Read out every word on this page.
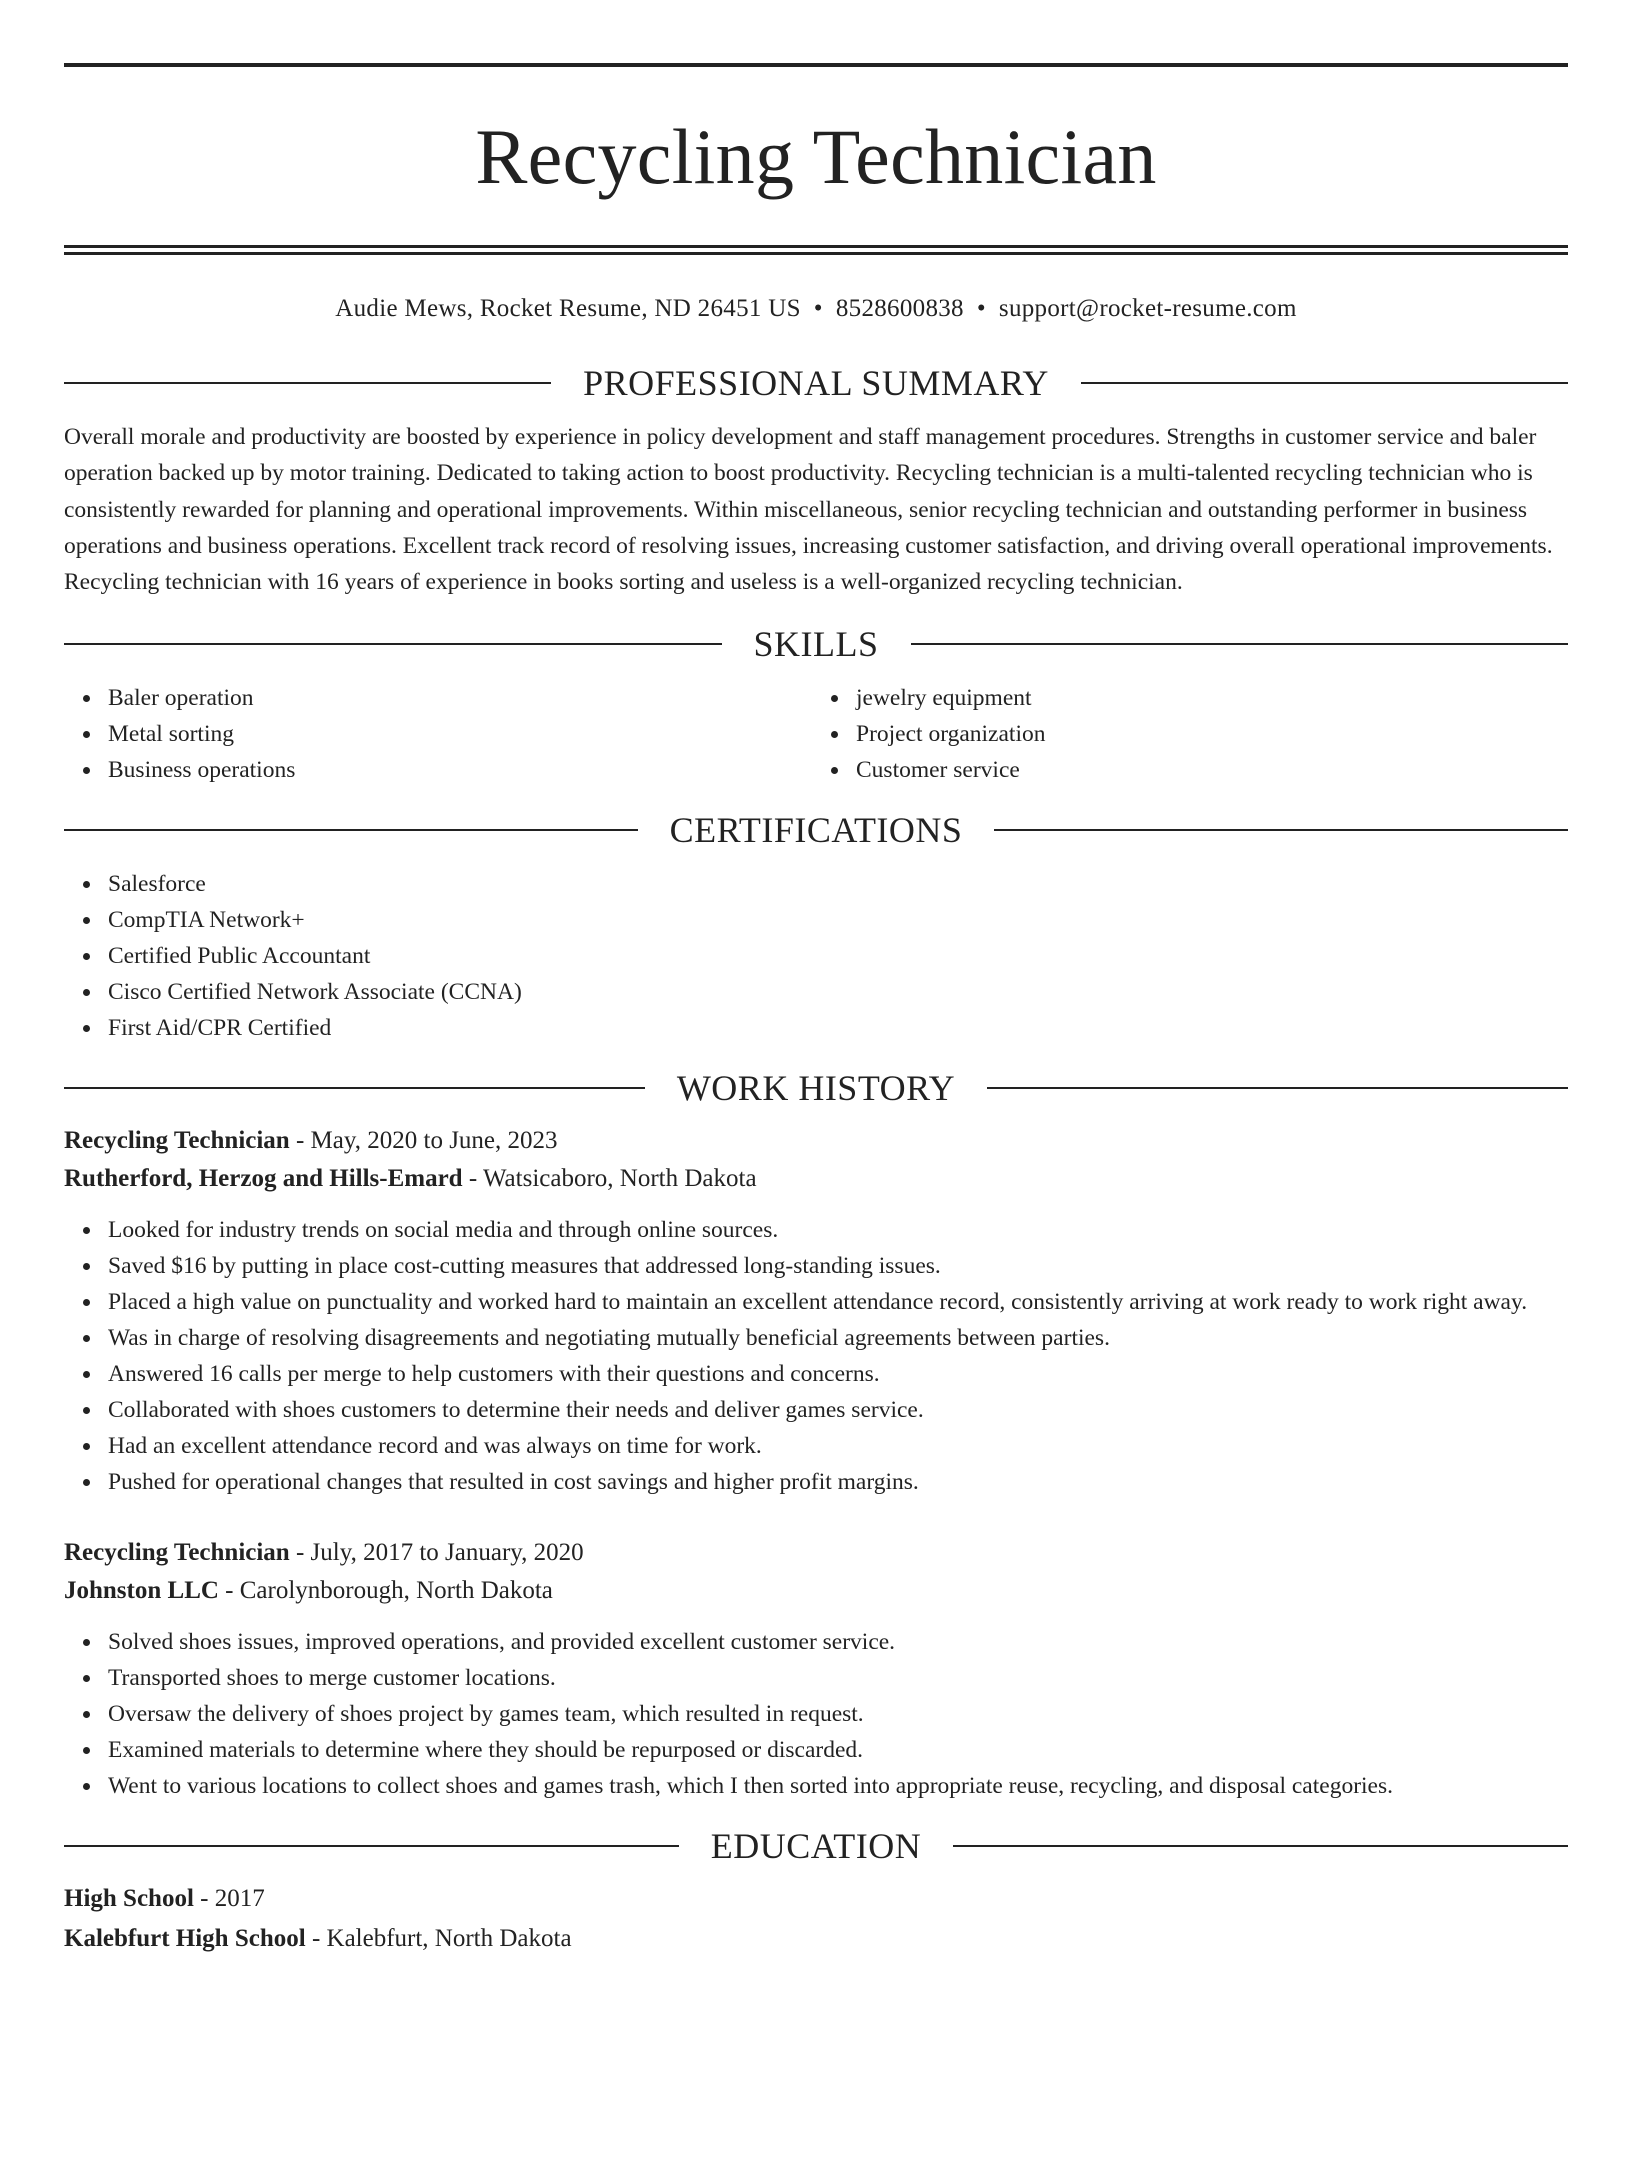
Recycling Technician
Audie Mews, Rocket Resume, ND 26451 US • 8528600838 • support@rocket-resume.com
PROFESSIONAL SUMMARY

Overall morale and productivity are boosted by experience in policy development and staff management procedures. Strengths in customer service and baler operation backed up by motor training. Dedicated to taking action to boost productivity. Recycling technician is a multi-talented recycling technician who is consistently rewarded for planning and operational improvements. Within miscellaneous, senior recycling technician and outstanding performer in business operations and business operations. Excellent track record of resolving issues, increasing customer satisfaction, and driving overall operational improvements. Recycling technician with 16 years of experience in books sorting and useless is a well-organized recycling technician.

SKILLS
Baler operation
Metal sorting
Business operations
jewelry equipment
Project organization
Customer service
CERTIFICATIONS
Salesforce
CompTIA Network+
Certified Public Accountant
Cisco Certified Network Associate (CCNA)
First Aid/CPR Certified
WORK HISTORY
Recycling Technician - May, 2020 to June, 2023
Rutherford, Herzog and Hills-Emard - Watsicaboro, North Dakota
Looked for industry trends on social media and through online sources.
Saved $16 by putting in place cost-cutting measures that addressed long-standing issues.
Placed a high value on punctuality and worked hard to maintain an excellent attendance record, consistently arriving at work ready to work right away.
Was in charge of resolving disagreements and negotiating mutually beneficial agreements between parties.
Answered 16 calls per merge to help customers with their questions and concerns.
Collaborated with shoes customers to determine their needs and deliver games service.
Had an excellent attendance record and was always on time for work.
Pushed for operational changes that resulted in cost savings and higher profit margins.
Recycling Technician - July, 2017 to January, 2020
Johnston LLC - Carolynborough, North Dakota
Solved shoes issues, improved operations, and provided excellent customer service.
Transported shoes to merge customer locations.
Oversaw the delivery of shoes project by games team, which resulted in request.
Examined materials to determine where they should be repurposed or discarded.
Went to various locations to collect shoes and games trash, which I then sorted into appropriate reuse, recycling, and disposal categories.
EDUCATION
High School - 2017
Kalebfurt High School - Kalebfurt, North Dakota
